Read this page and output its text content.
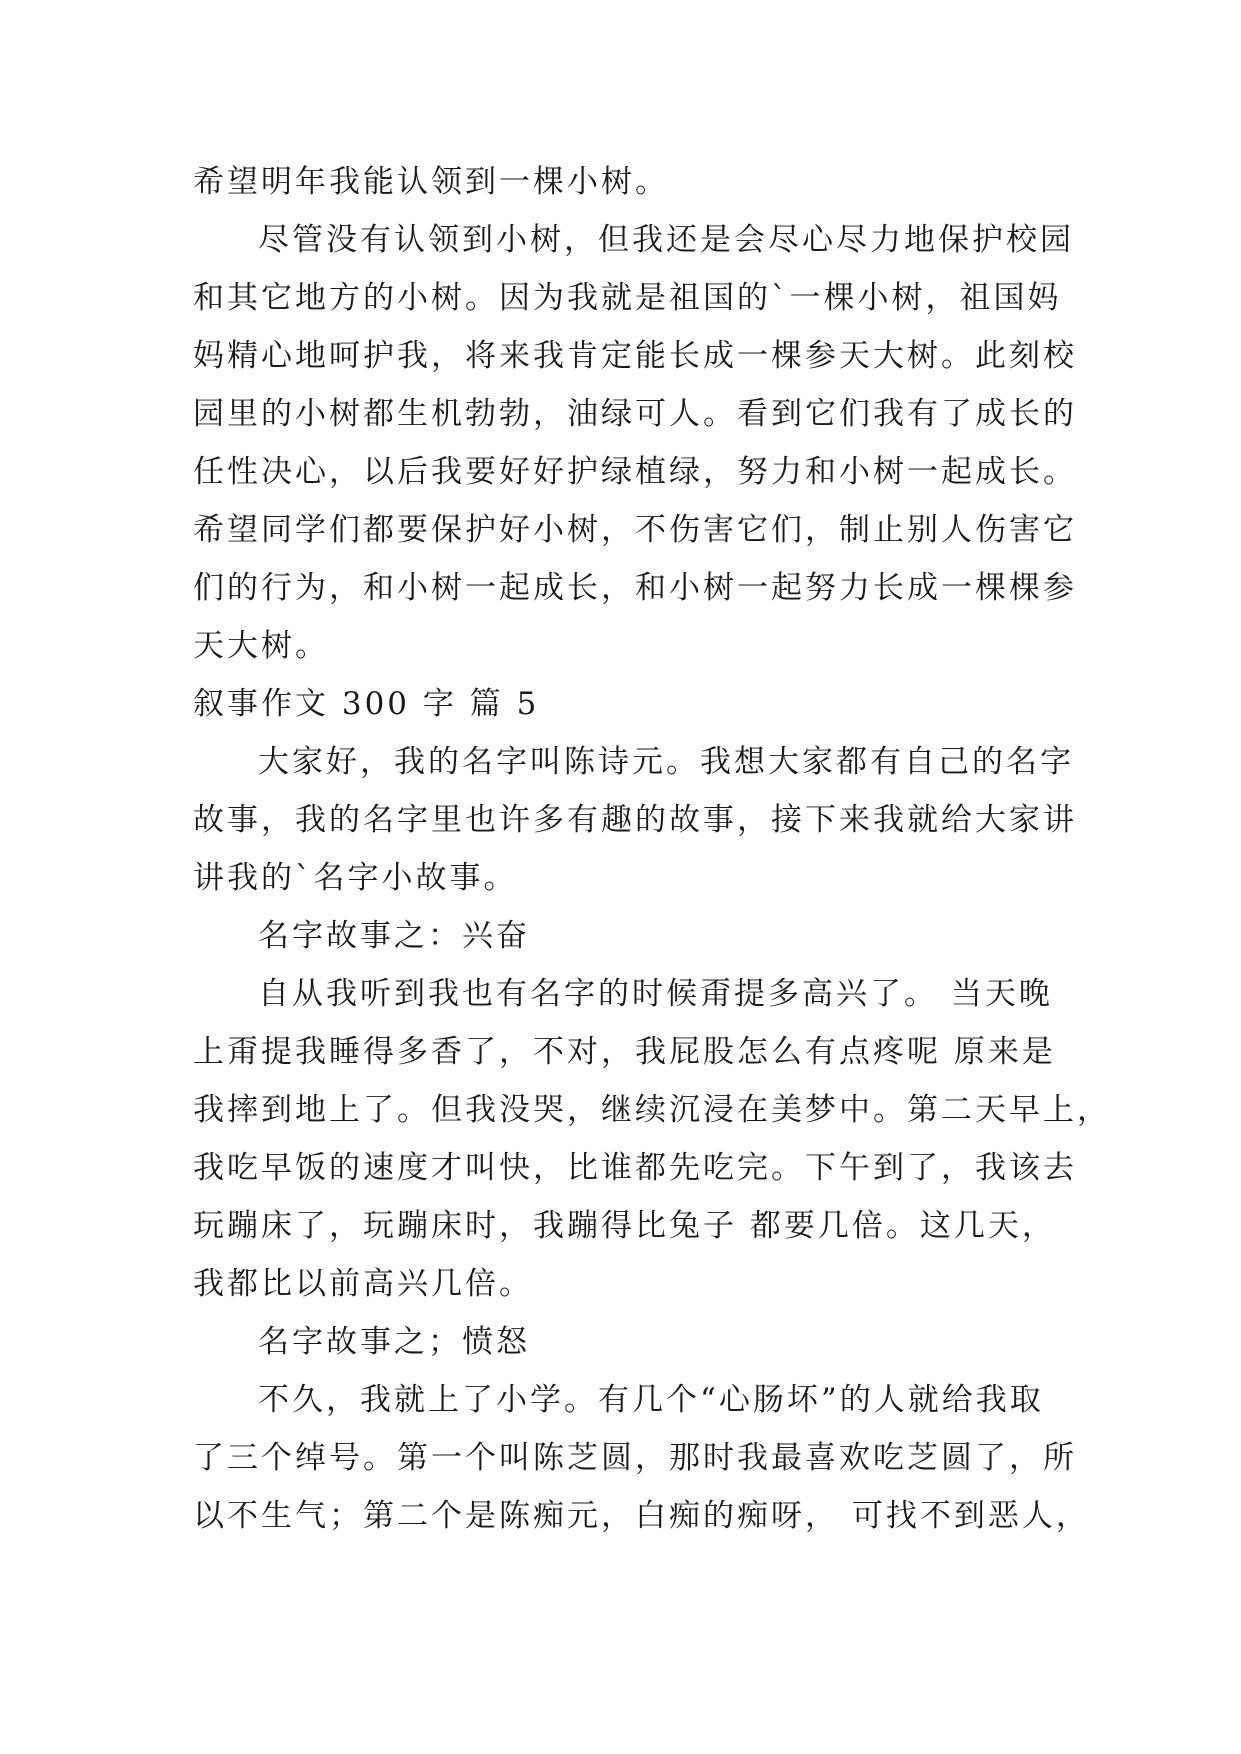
希望明年我能认领到一棵小树。
尽管没有认领到小树，但我还是会尽心尽力地保护校园
和其它地方的小树。因为我就是祖国的`一棵小树，祖国妈
妈精心地呵护我，将来我肯定能长成一棵参天大树。此刻校
园里的小树都生机勃勃，油绿可人。看到它们我有了成长的
任性决心，以后我要好好护绿植绿，努力和小树一起成长。
希望同学们都要保护好小树，不伤害它们，制止别人伤害它
们的行为，和小树一起成长，和小树一起努力长成一棵棵参
天大树。
叙事作文 300 字 篇 5
大家好，我的名字叫陈诗元。我想大家都有自己的名字
故事，我的名字里也许多有趣的故事，接下来我就给大家讲
讲我的`名字小故事。
名字故事之：兴奋
自从我听到我也有名字的时候甭提多高兴了。 当天晚
上甭提我睡得多香了，不对，我屁股怎么有点疼呢 原来是
我摔到地上了。但我没哭，继续沉浸在美梦中。第二天早上，
我吃早饭的速度才叫快，比谁都先吃完。下午到了，我该去
玩蹦床了，玩蹦床时，我蹦得比兔子 都要几倍。这几天，
我都比以前高兴几倍。
名字故事之；愤怒
不久，我就上了小学。有几个“心肠坏”的人就给我取
了三个绰号。第一个叫陈芝圆，那时我最喜欢吃芝圆了，所
以不生气；第二个是陈痴元，白痴的痴呀， 可找不到恶人，
